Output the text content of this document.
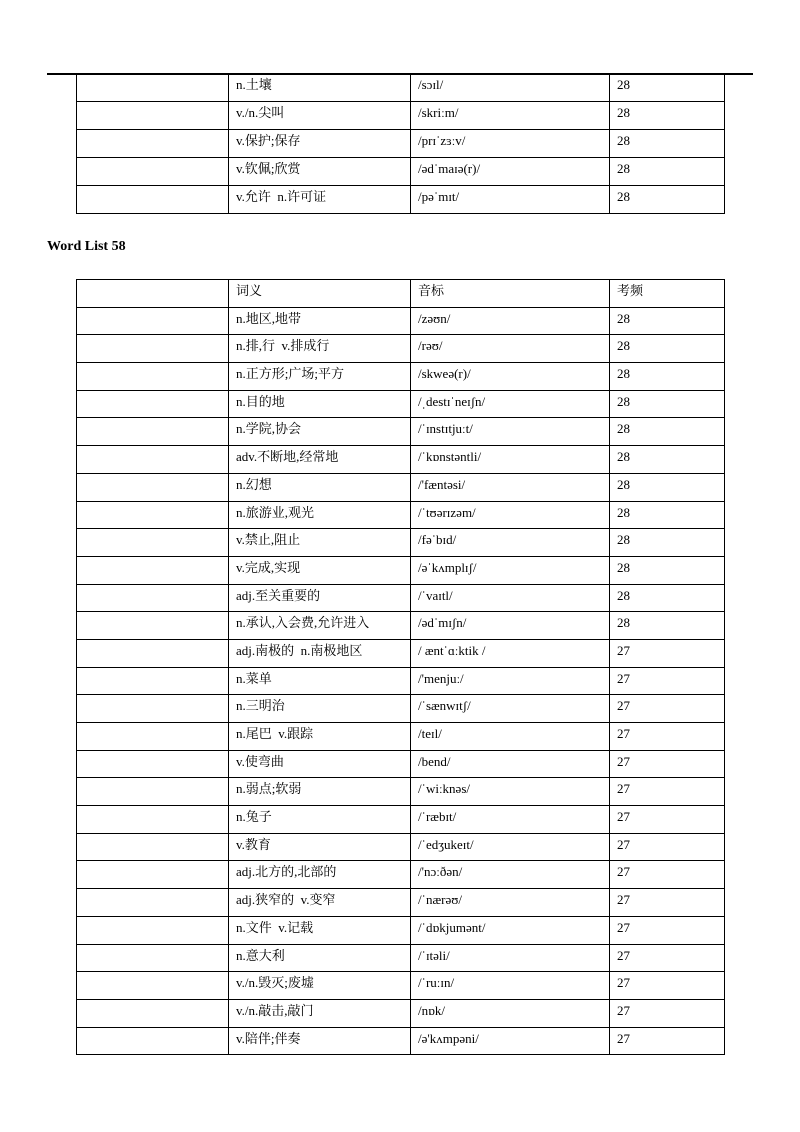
	n.土壤	/sɔɪl/	28
	v./n.尖叫	/skriːm/	28
	v.保护;保存	/prɪˈzɜːv/	28
	v.钦佩;欣赏	/ədˈmaɪə(r)/	28
	v.允许  n.许可证	/pəˈmɪt/	28
Word List 58
	词义	音标	考频
	n.地区,地带	/zəʊn/	28
	n.排,行  v.排成行	/rəʊ/	28
	n.正方形;广场;平方	/skweə(r)/	28
	n.目的地	/ˌdestɪˈneɪʃn/	28
	n.学院,协会	/ˈɪnstɪtjuːt/	28
	adv.不断地,经常地	/ˈkɒnstəntli/	28
	n.幻想	/'fæntəsi/	28
	n.旅游业,观光	/ˈtʊərɪzəm/	28
	v.禁止,阻止	/fəˈbɪd/	28
	v.完成,实现	/əˈkʌmplɪʃ/	28
	adj.至关重要的	/ˈvaɪtl/	28
	n.承认,入会费,允许进入	/ədˈmɪʃn/	28
	adj.南极的  n.南极地区	/ æntˈɑːktik /	27
	n.菜单	/'menjuː/	27
	n.三明治	/ˈsænwɪtʃ/	27
	n.尾巴  v.跟踪	/teɪl/	27
	v.使弯曲	/bend/	27
	n.弱点;软弱	/ˈwiːknəs/	27
	n.兔子	/ˈræbɪt/	27
	v.教育	/ˈedʒukeɪt/	27
	adj.北方的,北部的	/'nɔːðən/	27
	adj.狭窄的  v.变窄	/ˈnærəʊ/	27
	n.文件  v.记载	/ˈdɒkjumənt/	27
	n.意大利	/ˈɪtəli/	27
	v./n.毁灭;废墟	/ˈruːɪn/	27
	v./n.敲击,敲门	/nɒk/	27
	v.陪伴;伴奏	/ə'kʌmpəni/	27
